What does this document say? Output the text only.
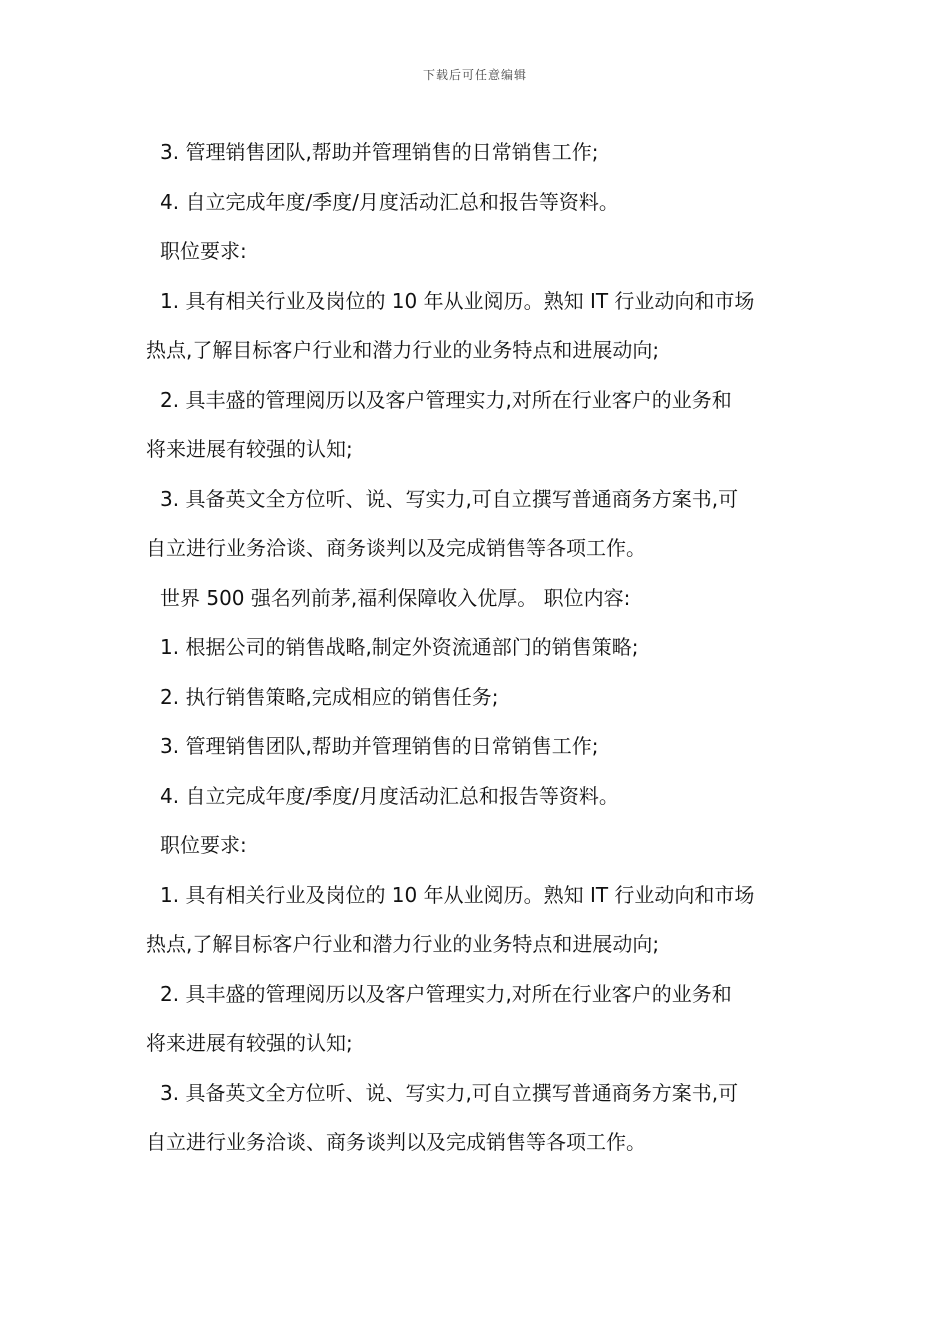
下载后可任意编辑
3. 管理销售团队,帮助并管理销售的日常销售工作;
4. 自立完成年度/季度/月度活动汇总和报告等资料。
职位要求:
1. 具有相关行业及岗位的 10 年从业阅历。熟知 IT 行业动向和市场
热点,了解目标客户行业和潜力行业的业务特点和进展动向;
2. 具丰盛的管理阅历以及客户管理实力,对所在行业客户的业务和
将来进展有较强的认知;
3. 具备英文全方位听、说、写实力,可自立撰写普通商务方案书,可
自立进行业务洽谈、商务谈判以及完成销售等各项工作。
世界 500 强名列前茅,福利保障收入优厚。 职位内容:
1. 根据公司的销售战略,制定外资流通部门的销售策略;
2. 执行销售策略,完成相应的销售任务;
3. 管理销售团队,帮助并管理销售的日常销售工作;
4. 自立完成年度/季度/月度活动汇总和报告等资料。
职位要求:
1. 具有相关行业及岗位的 10 年从业阅历。熟知 IT 行业动向和市场
热点,了解目标客户行业和潜力行业的业务特点和进展动向;
2. 具丰盛的管理阅历以及客户管理实力,对所在行业客户的业务和
将来进展有较强的认知;
3. 具备英文全方位听、说、写实力,可自立撰写普通商务方案书,可
自立进行业务洽谈、商务谈判以及完成销售等各项工作。
